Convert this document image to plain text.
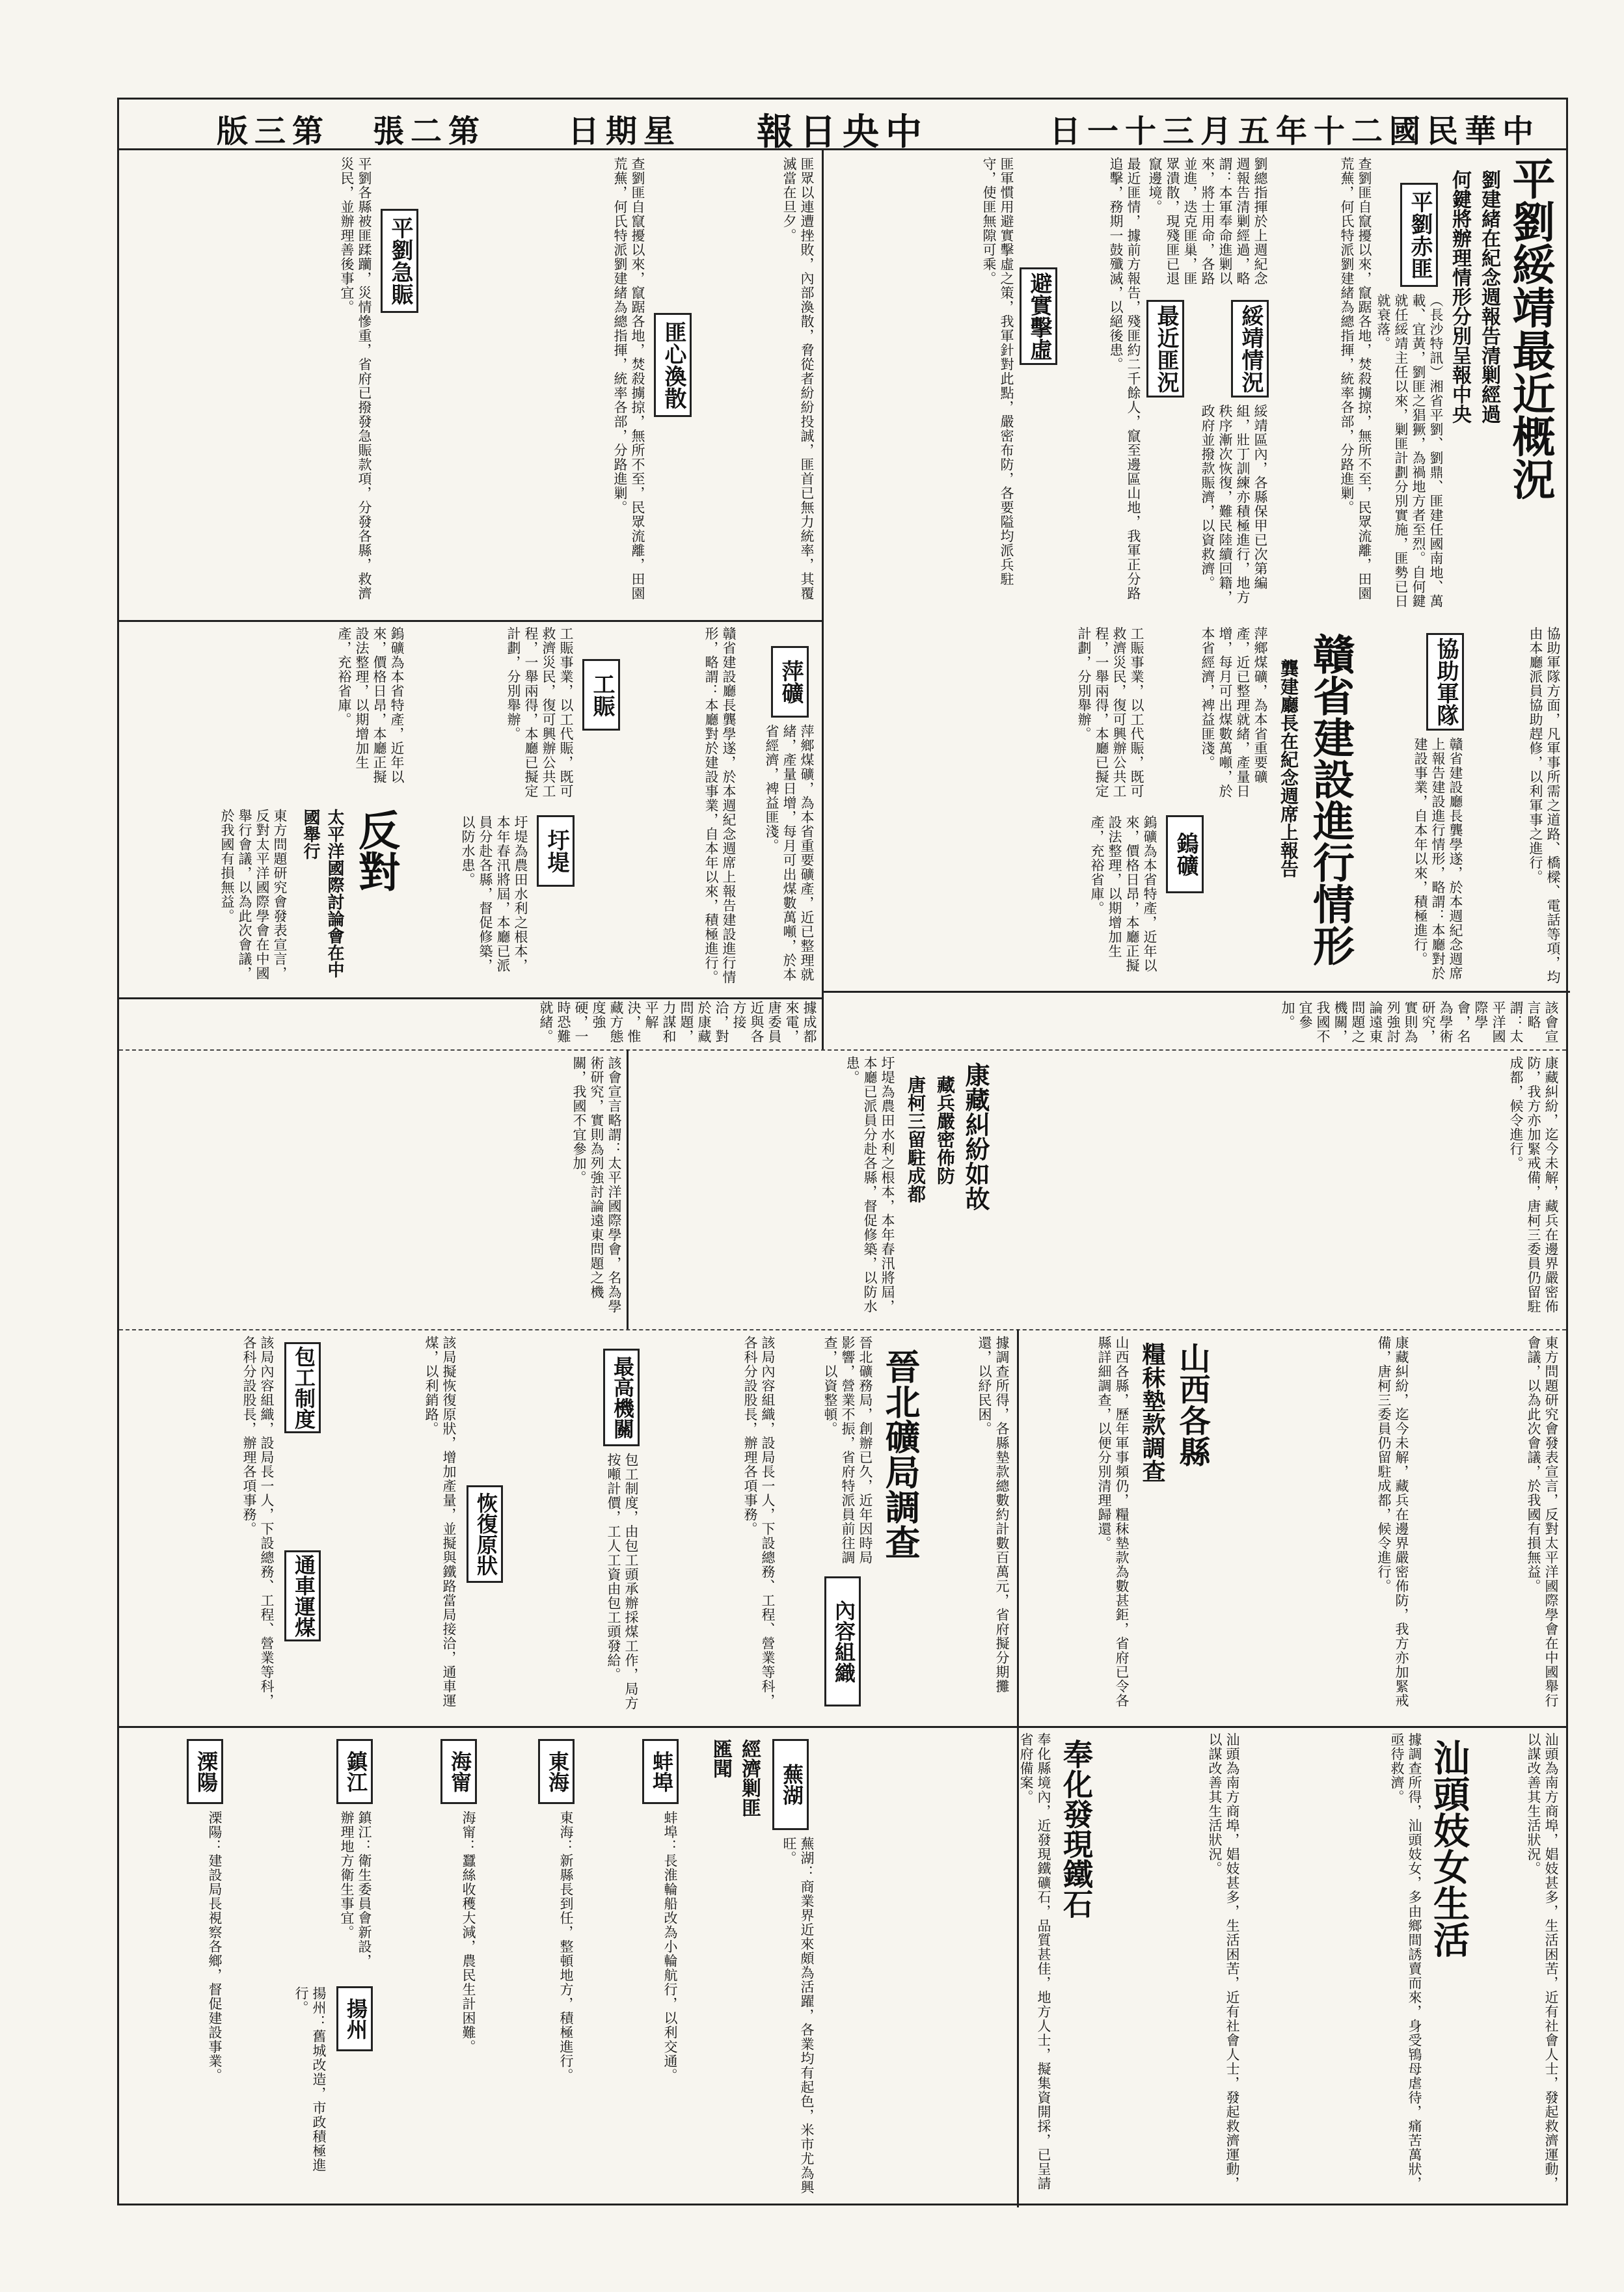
日一十三月五年十二國民華中
報日央中
日期星
張二第
版三第
平劉綏靖最近概況
劉建緒在紀念週報告清剿經過
何鍵將辦理情形分別呈報中央
平劉赤匪
（長沙特訊）湘省平劉、劉鼎、匪建任國南地、萬載、宜黃，劉匪之猖獗，為禍地方者至烈。自何鍵就任綏靖主任以來，剿匪計劃分別實施，匪勢已日就衰落。
查劉匪自竄擾以來，竄踞各地，焚殺擄掠，無所不至，民眾流離，田園荒蕪，何氏特派劉建緒為總指揮，統率各部，分路進剿。
綏靖情況
劉總指揮於上週紀念週報告清剿經過，略謂：本軍奉命進剿以來，將士用命，各路並進，迭克匪巢，匪眾潰散，現殘匪已退竄邊境。
綏靖區內，各縣保甲已次第編組，壯丁訓練亦積極進行，地方秩序漸次恢復，難民陸續回籍，政府並撥款賑濟，以資救濟。
最近匪況
最近匪情，據前方報告，殘匪約二千餘人，竄至邊區山地，我軍正分路追擊，務期一鼓殲滅，以絕後患。
避實擊虛
匪軍慣用避實擊虛之策，我軍針對此點，嚴密布防，各要隘均派兵駐守，使匪無隙可乘。
匪眾以連遭挫敗，內部渙散，脅從者紛紛投誠，匪首已無力統率，其覆滅當在旦夕。
匪心渙散
查劉匪自竄擾以來，竄踞各地，焚殺擄掠，無所不至，民眾流離，田園荒蕪，何氏特派劉建緒為總指揮，統率各部，分路進剿。
平劉急賑
平劉各縣被匪蹂躪，災情慘重，省府已撥發急賑款項，分發各縣，救濟災民，並辦理善後事宜。
協助軍隊方面，凡軍事所需之道路、橋樑、電話等項，均由本廳派員協助趕修，以利軍事之進行。
協助軍隊
贛省建設廳長龔學遂，於本週紀念週席上報告建設進行情形，略謂：本廳對於建設事業，自本年以來，積極進行。
贛省建設進行情形
龔建廳長在紀念週席上報告
萍鄉煤礦，為本省重要礦產，近已整理就緒，產量日增，每月可出煤數萬噸，於本省經濟，裨益匪淺。
鎢礦
鎢礦為本省特產，近年以來，價格日昂，本廳正擬設法整理，以期增加生產，充裕省庫。
工賑事業，以工代賑，既可救濟災民，復可興辦公共工程，一舉兩得，本廳已擬定計劃，分別舉辦。
萍礦
萍鄉煤礦，為本省重要礦產，近已整理就緒，產量日增，每月可出煤數萬噸，於本省經濟，裨益匪淺。
贛省建設廳長龔學遂，於本週紀念週席上報告建設進行情形，略謂：本廳對於建設事業，自本年以來，積極進行。
工賑
工賑事業，以工代賑，既可救濟災民，復可興辦公共工程，一舉兩得，本廳已擬定計劃，分別舉辦。
圩堤
圩堤為農田水利之根本，本年春汛將屆，本廳已派員分赴各縣，督促修築，以防水患。
鎢礦為本省特產，近年以來，價格日昂，本廳正擬設法整理，以期增加生產，充裕省庫。
反對
太平洋國際討論會在中國舉行
東方問題研究會發表宣言，反對太平洋國際學會在中國舉行會議，以為此次會議，於我國有損無益。
該會宣言略謂：太平洋國際學會，名為學術研究，實則為列強討論遠東問題之機關，我國不宜參加。
據成都來電，唐委員近與各方接洽，對於康藏問題，力謀和平解決，惟藏方態度強硬，一時恐難就緒。
康藏糾紛，迄今未解，藏兵在邊界嚴密佈防，我方亦加緊戒備，唐柯三委員仍留駐成都，候令進行。
康藏糾紛如故
藏兵嚴密佈防
唐柯三留駐成都
圩堤為農田水利之根本，本年春汛將屆，本廳已派員分赴各縣，督促修築，以防水患。
該會宣言略謂：太平洋國際學會，名為學術研究，實則為列強討論遠東問題之機關，我國不宜參加。
東方問題研究會發表宣言，反對太平洋國際學會在中國舉行會議，以為此次會議，於我國有損無益。
康藏糾紛，迄今未解，藏兵在邊界嚴密佈防，我方亦加緊戒備，唐柯三委員仍留駐成都，候令進行。
山西各縣
糧秣墊款調查
山西各縣，歷年軍事頻仍，糧秣墊款為數甚鉅，省府已令各縣詳細調查，以便分別清理歸還。
據調查所得，各縣墊款總數約計數百萬元，省府擬分期攤還，以紓民困。
晉北礦局調查
晉北礦務局，創辦已久，近年因時局影響，營業不振，省府特派員前往調查，以資整頓。
內容組織
該局內容組織，設局長一人，下設總務、工程、營業等科，各科分設股長，辦理各項事務。
最高機關
包工制度，由包工頭承辦採煤工作，局方按噸計價，工人工資由包工頭發給。
恢復原狀
該局擬恢復原狀，增加產量，並擬與鐵路當局接洽，通車運煤，以利銷路。
包工制度
通車運煤
該局內容組織，設局長一人，下設總務、工程、營業等科，各科分設股長，辦理各項事務。
汕頭為南方商埠，娼妓甚多，生活困苦，近有社會人士，發起救濟運動，以謀改善其生活狀況。
汕頭妓女生活
據調查所得，汕頭妓女，多由鄉間誘賣而來，身受鴇母虐待，痛苦萬狀，亟待救濟。
汕頭為南方商埠，娼妓甚多，生活困苦，近有社會人士，發起救濟運動，以謀改善其生活狀況。
奉化發現鐵石
奉化縣境內，近發現鐵礦石，品質甚佳，地方人士，擬集資開採，已呈請省府備案。
蕪湖
蕪湖：商業界近來頗為活躍，各業均有起色，米市尤為興旺。
經濟剿匪匯聞
蚌埠
蚌埠：長淮輪船改為小輪航行，以利交通。
東海
東海：新縣長到任，整頓地方，積極進行。
海甯
海甯：蠶絲收穫大減，農民生計困難。
鎮江
鎮江：衛生委員會新設，辦理地方衛生事宜。
揚州
揚州：舊城改造，市政積極進行。
溧陽
溧陽：建設局長視察各鄉，督促建設事業。
